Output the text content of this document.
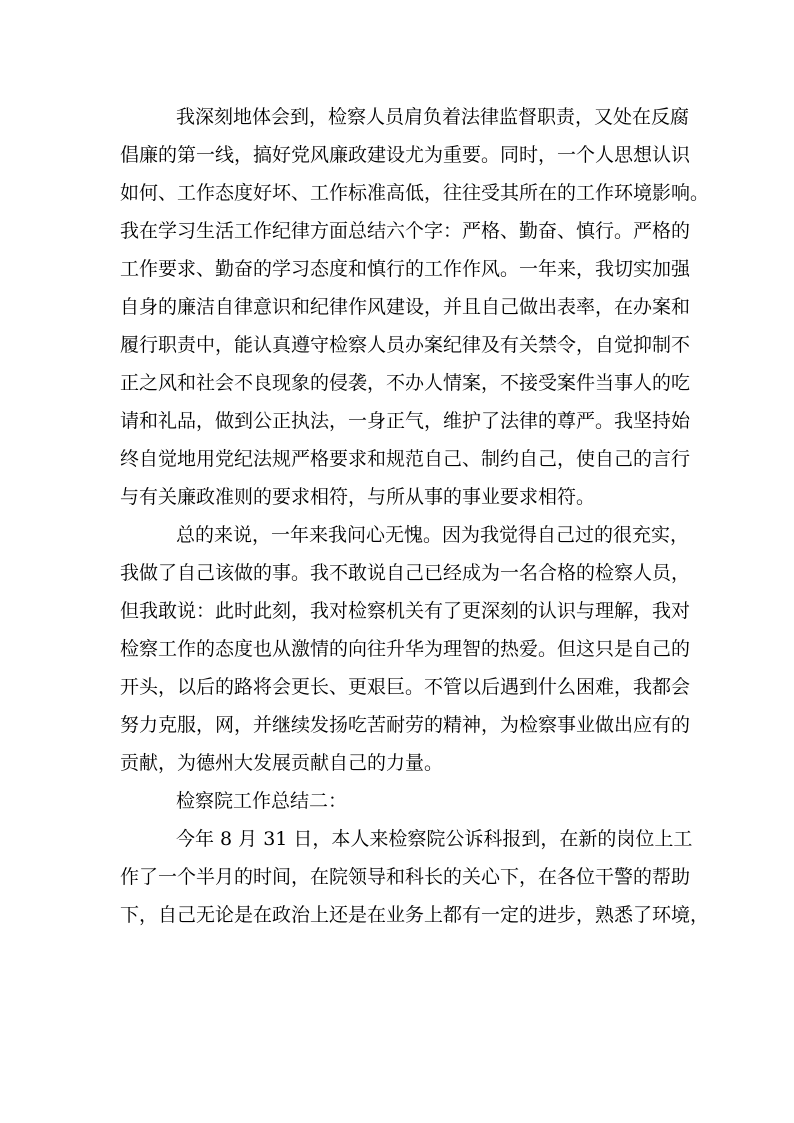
我深刻地体会到，检察人员肩负着法律监督职责，又处在反腐
倡廉的第一线，搞好党风廉政建设尤为重要。同时，一个人思想认识
如何、工作态度好坏、工作标准高低，往往受其所在的工作环境影响。
我在学习生活工作纪律方面总结六个字：严格、勤奋、慎行。严格的
工作要求、勤奋的学习态度和慎行的工作作风。一年来，我切实加强
自身的廉洁自律意识和纪律作风建设，并且自己做出表率，在办案和
履行职责中，能认真遵守检察人员办案纪律及有关禁令，自觉抑制不
正之风和社会不良现象的侵袭，不办人情案，不接受案件当事人的吃
请和礼品，做到公正执法，一身正气，维护了法律的尊严。我坚持始
终自觉地用党纪法规严格要求和规范自己、制约自己，使自己的言行
与有关廉政准则的要求相符，与所从事的事业要求相符。
总的来说，一年来我问心无愧。因为我觉得自己过的很充实，
我做了自己该做的事。我不敢说自己已经成为一名合格的检察人员，
但我敢说：此时此刻，我对检察机关有了更深刻的认识与理解，我对
检察工作的态度也从激情的向往升华为理智的热爱。但这只是自己的
开头，以后的路将会更长、更艰巨。不管以后遇到什么困难，我都会
努力克服，网，并继续发扬吃苦耐劳的精神，为检察事业做出应有的
贡献，为德州大发展贡献自己的力量。
检察院工作总结二：
今年 8 月 31 日，本人来检察院公诉科报到，在新的岗位上工
作了一个半月的时间，在院领导和科长的关心下，在各位干警的帮助
下，自己无论是在政治上还是在业务上都有一定的进步，熟悉了环境，
